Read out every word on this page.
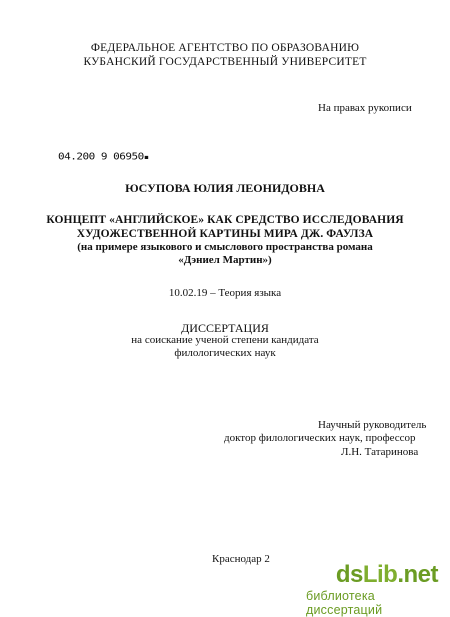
ФЕДЕРАЛЬНОЕ АГЕНТСТВО ПО ОБРАЗОВАНИЮ
КУБАНСКИЙ ГОСУДАРСТВЕННЫЙ УНИВЕРСИТЕТ
На правах рукописи
04.200 9 06950▪
ЮСУПОВА ЮЛИЯ ЛЕОНИДОВНА
КОНЦЕПТ «АНГЛИЙСКОЕ» КАК СРЕДСТВО ИССЛЕДОВАНИЯ
ХУДОЖЕСТВЕННОЙ КАРТИНЫ МИРА ДЖ. ФАУЛЗА
(на примере языкового и смыслового пространства романа
«Дэниел Мартин»)
10.02.19 – Теория языка
ДИССЕРТАЦИЯ
на соискание ученой степени кандидата
филологических наук
Научный руководитель
доктор филологических наук, профессор
Л.Н. Татаринова
Краснодар 2
dsLib.net
библиотека диссертаций
